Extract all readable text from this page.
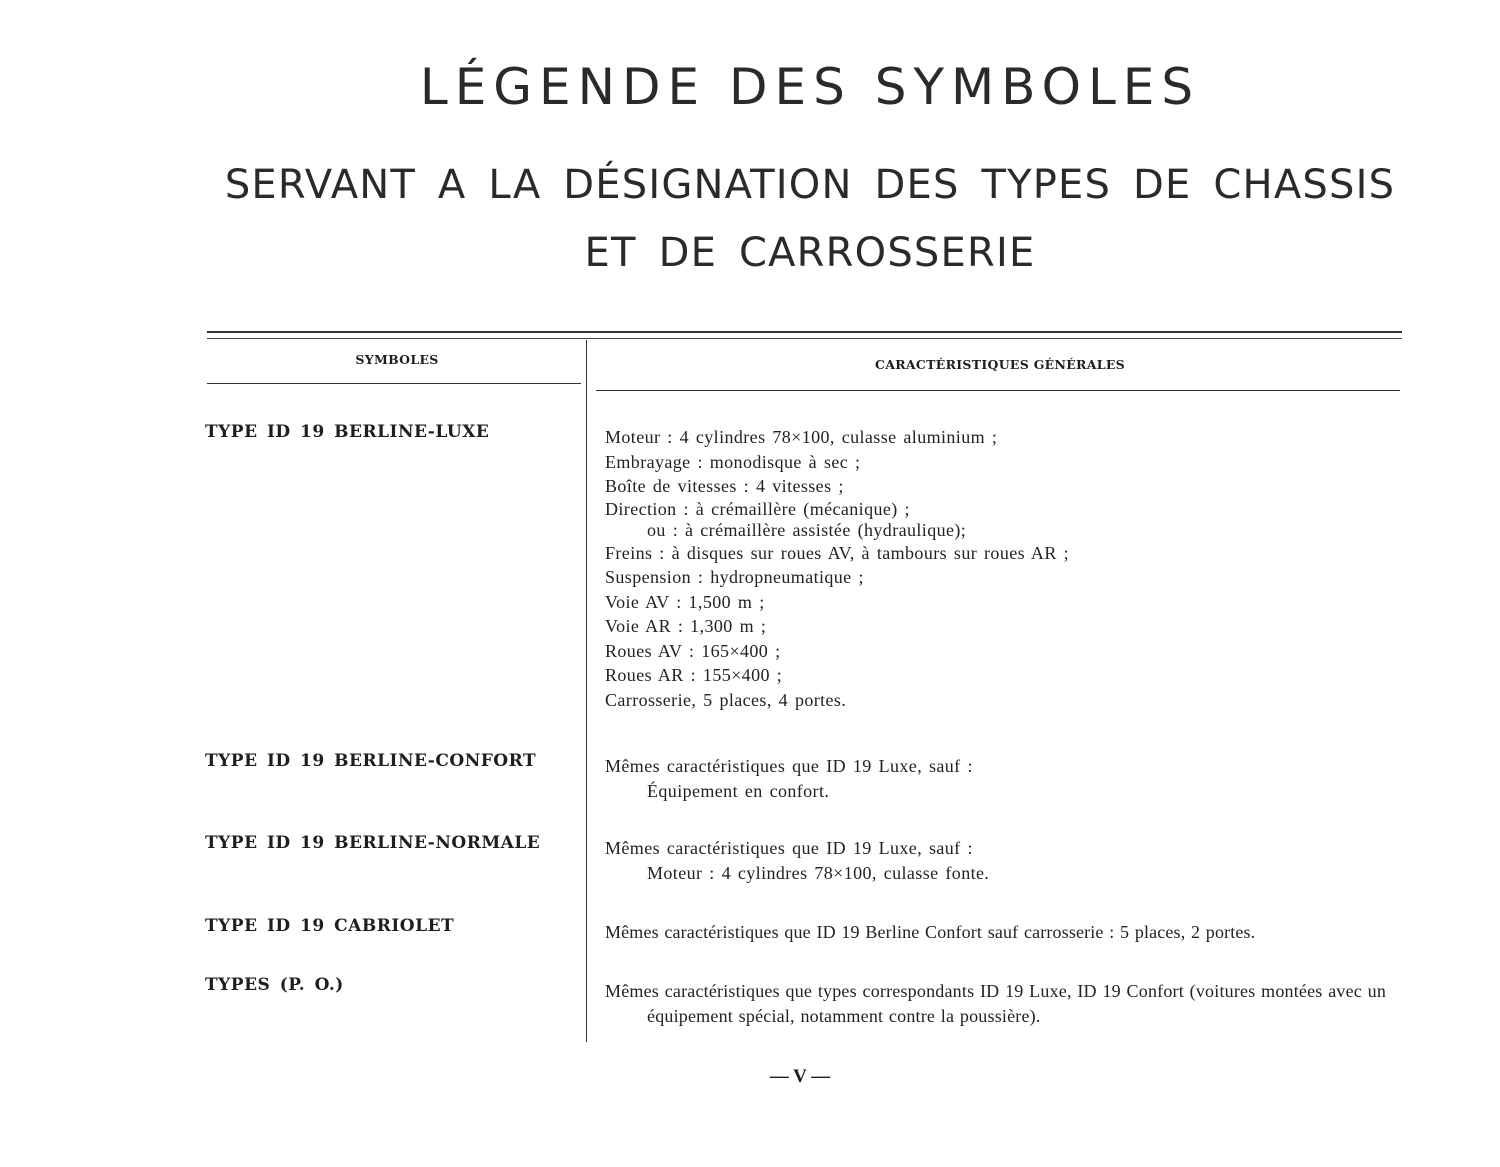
LÉGENDE DES SYMBOLES
SERVANT A LA DÉSIGNATION DES TYPES DE CHASSIS
ET DE CARROSSERIE
SYMBOLES	CARACTÉRISTIQUES GÉNÉRALES
TYPE ID 19 BERLINE-LUXE	Moteur : 4 cylindres 78×100, culasse aluminium ;
Embrayage : monodisque à sec ;
Boîte de vitesses : 4 vitesses ;
Direction : à crémaillère (mécanique) ;
ou : à crémaillère assistée (hydraulique);
Freins : à disques sur roues AV, à tambours sur roues AR ;
Suspension : hydropneumatique ;
Voie AV : 1,500 m ;
Voie AR : 1,300 m ;
Roues AV : 165×400 ;
Roues AR : 155×400 ;
Carrosserie, 5 places, 4 portes.
TYPE ID 19 BERLINE-CONFORT	Mêmes caractéristiques que ID 19 Luxe, sauf :
Équipement en confort.
TYPE ID 19 BERLINE-NORMALE	Mêmes caractéristiques que ID 19 Luxe, sauf :
Moteur : 4 cylindres 78×100, culasse fonte.
TYPE ID 19 CABRIOLET	Mêmes caractéristiques que ID 19 Berline Confort sauf carrosserie : 5 places, 2 portes.
TYPES (P. O.)	Mêmes caractéristiques que types correspondants ID 19 Luxe, ID 19 Confort (voitures montées avec un équipement spécial, notamment contre la poussière).
— V —
